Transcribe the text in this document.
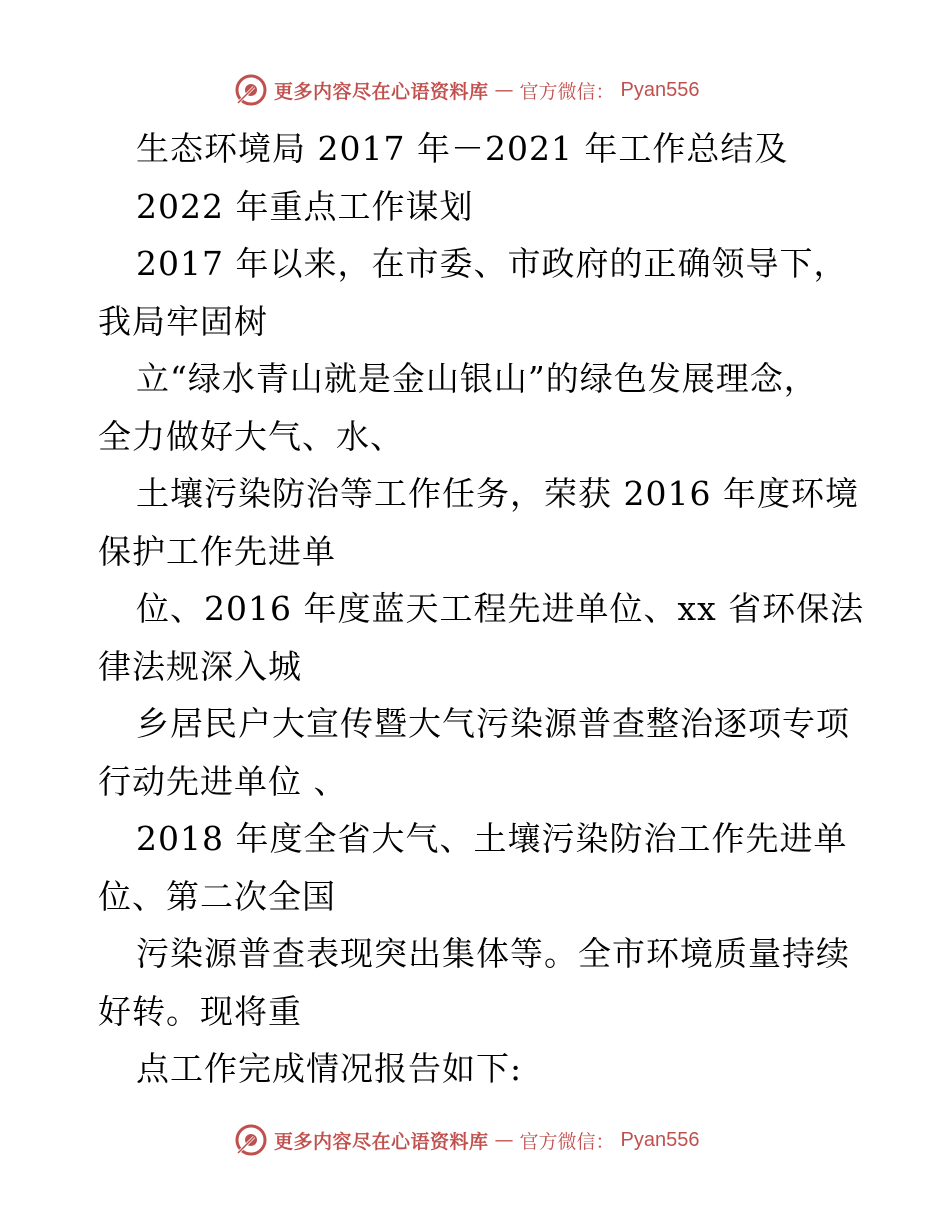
更多内容尽在心语资料库 — 官方微信： Pyan556
生态环境局 2017 年－2021 年工作总结及
2022 年重点工作谋划
2017 年以来，在市委、市政府的正确领导下，
我局牢固树
立“绿水青山就是金山银山”的绿色发展理念，
全力做好大气、水、
土壤污染防治等工作任务，荣获 2016 年度环境
保护工作先进单
位、2016 年度蓝天工程先进单位、xx 省环保法
律法规深入城
乡居民户大宣传暨大气污染源普查整治逐项专项
行动先进单位 、
2018 年度全省大气、土壤污染防治工作先进单
位、第二次全国
污染源普查表现突出集体等。全市环境质量持续
好转。现将重
点工作完成情况报告如下:
更多内容尽在心语资料库 — 官方微信： Pyan556
